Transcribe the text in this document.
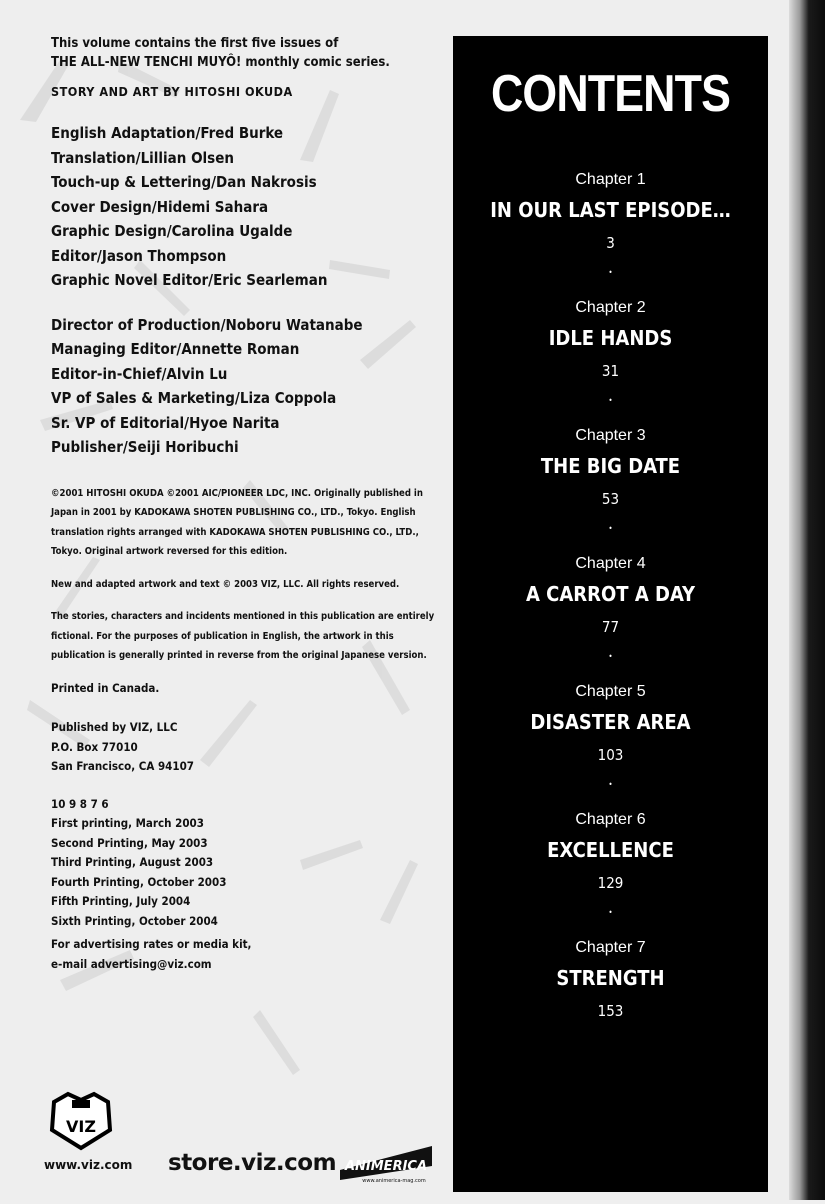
This volume contains the first five issues of
THE ALL-NEW TENCHI MUYÔ! monthly comic series.
STORY AND ART BY HITOSHI OKUDA
English Adaptation/Fred Burke
Translation/Lillian Olsen
Touch-up & Lettering/Dan Nakrosis
Cover Design/Hidemi Sahara
Graphic Design/Carolina Ugalde
Editor/Jason Thompson
Graphic Novel Editor/Eric Searleman
Director of Production/Noboru Watanabe
Managing Editor/Annette Roman
Editor-in-Chief/Alvin Lu
VP of Sales & Marketing/Liza Coppola
Sr. VP of Editorial/Hyoe Narita
Publisher/Seiji Horibuchi

©2001 HITOSHI OKUDA ©2001 AIC/PIONEER LDC, INC. Originally published in Japan in 2001 by KADOKAWA SHOTEN PUBLISHING CO., LTD., Tokyo. English translation rights arranged with KADOKAWA SHOTEN PUBLISHING CO., LTD., Tokyo. Original artwork reversed for this edition.

New and adapted artwork and text © 2003 VIZ, LLC. All rights reserved.

The stories, characters and incidents mentioned in this publication are entirely fictional. For the purposes of publication in English, the artwork in this publication is generally printed in reverse from the original Japanese version.

Printed in Canada.
Published by VIZ, LLC
P.O. Box 77010
San Francisco, CA 94107
10 9 8 7 6
First printing, March 2003
Second Printing, May 2003
Third Printing, August 2003
Fourth Printing, October 2003
Fifth Printing, July 2004
Sixth Printing, October 2004
For advertising rates or media kit,
e-mail advertising@viz.com
VIZ
www.viz.com store.viz.com ANIMERICA
www.animerica-mag.com
CONTENTS
Chapter 1
IN OUR LAST EPISODE…
3
•
Chapter 2
IDLE HANDS
31
•
Chapter 3
THE BIG DATE
53
•
Chapter 4
A CARROT A DAY
77
•
Chapter 5
DISASTER AREA
103
•
Chapter 6
EXCELLENCE
129
•
Chapter 7
STRENGTH
153
